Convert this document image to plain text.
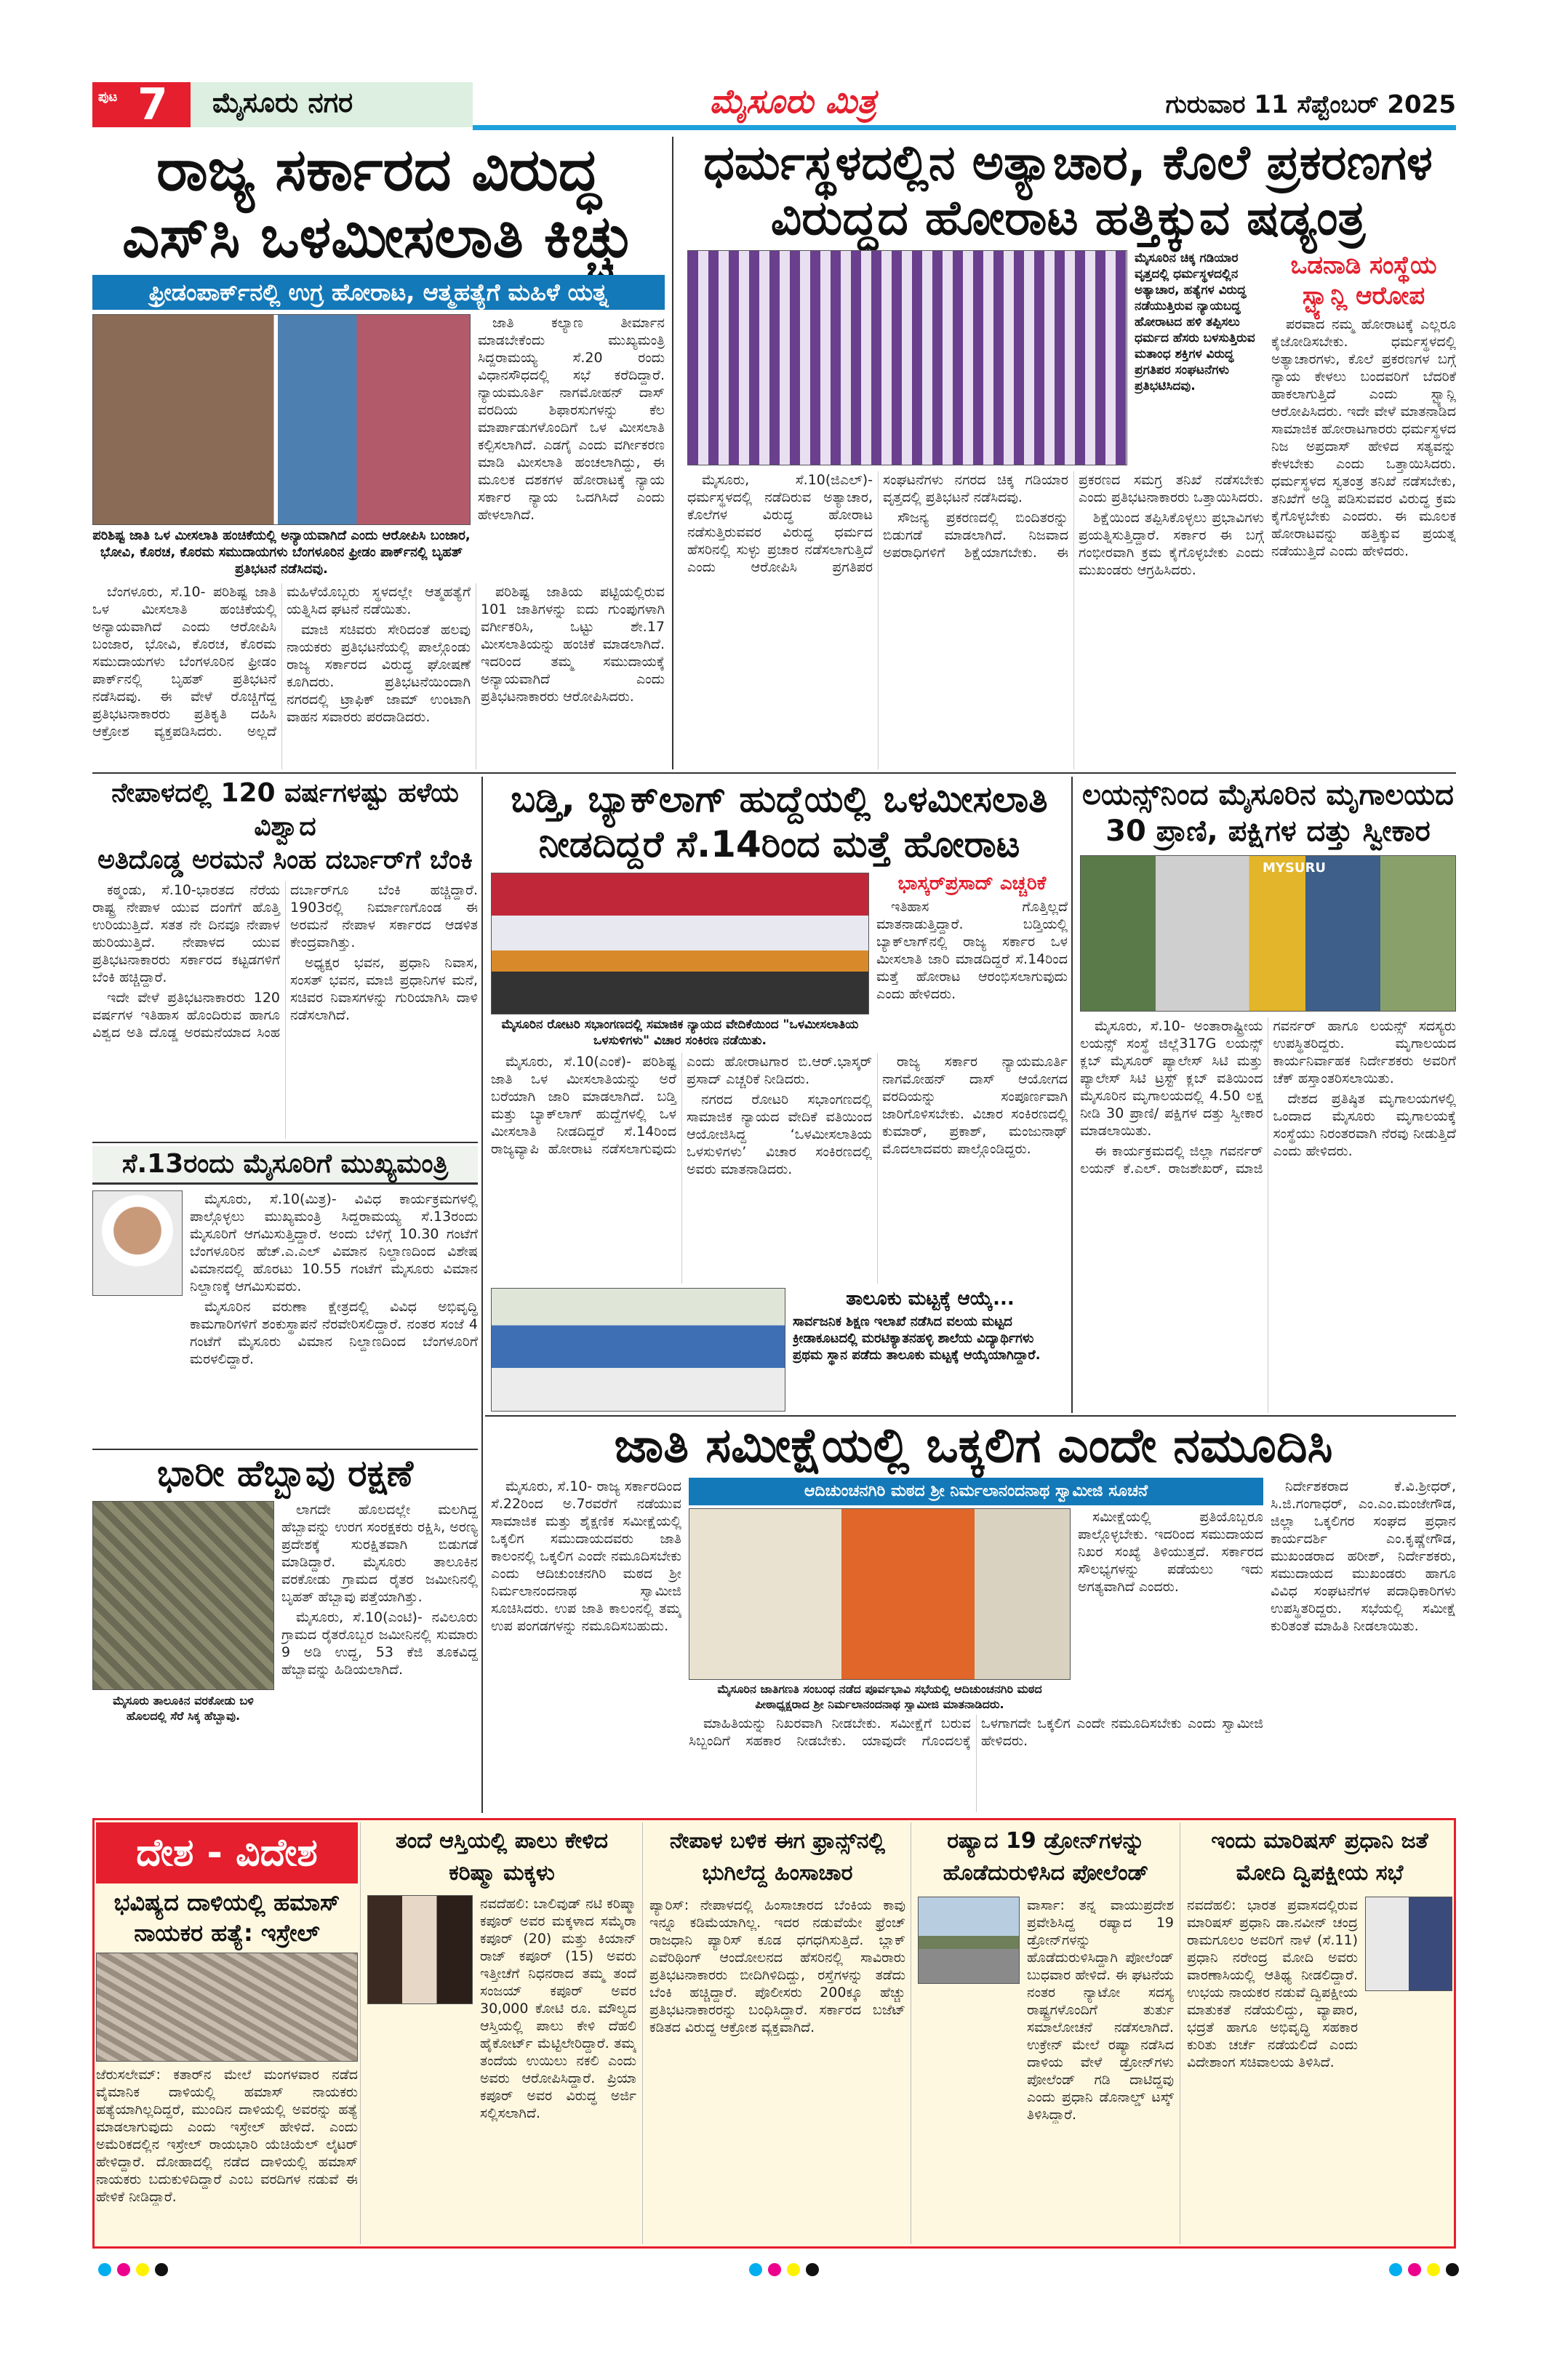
ಪುಟ 7	ಮೈಸೂರು ನಗರ	ಮೈಸೂರು ಮಿತ್ರ	ಗುರುವಾರ 11 ಸೆಪ್ಟೆಂಬರ್ 2025
ರಾಜ್ಯ ಸರ್ಕಾರದ ವಿರುದ್ಧ
ಎಸ್‌ಸಿ ಒಳಮೀಸಲಾತಿ ಕಿಚ್ಚು
ಫ್ರೀಡಂಪಾರ್ಕ್‌ನಲ್ಲಿ ಉಗ್ರ ಹೋರಾಟ, ಆತ್ಮಹತ್ಯೆಗೆ ಮಹಿಳೆ ಯತ್ನ
ಪರಿಶಿಷ್ಟ ಜಾತಿ ಒಳ ಮೀಸಲಾತಿ ಹಂಚಿಕೆಯಲ್ಲಿ ಅನ್ಯಾಯವಾಗಿದೆ ಎಂದು ಆರೋಪಿಸಿ ಬಂಜಾರ, ಭೋವಿ, ಕೊರಚ, ಕೊರಮ ಸಮುದಾಯಗಳು ಬೆಂಗಳೂರಿನ ಫ್ರೀಡಂ ಪಾರ್ಕ್‌ನಲ್ಲಿ ಬೃಹತ್ ಪ್ರತಿಭಟನೆ ನಡೆಸಿದವು.

ಜಾತಿ ಕಲ್ಯಾಣ ತೀರ್ಮಾನ ಮಾಡಬೇಕೆಂದು ಮುಖ್ಯಮಂತ್ರಿ ಸಿದ್ದರಾಮಯ್ಯ ಸೆ.20 ರಂದು ವಿಧಾನಸೌಧದಲ್ಲಿ ಸಭೆ ಕರೆದಿದ್ದಾರೆ. ನ್ಯಾಯಮೂರ್ತಿ ನಾಗಮೋಹನ್ ದಾಸ್ ವರದಿಯ ಶಿಫಾರಸುಗಳನ್ನು ಕೆಲ ಮಾರ್ಪಾಡುಗಳೊಂದಿಗೆ ಒಳ ಮೀಸಲಾತಿ ಕಲ್ಪಿಸಲಾಗಿದೆ. ಎಡಗೈ ಎಂದು ವರ್ಗೀಕರಣ ಮಾಡಿ ಮೀಸಲಾತಿ ಹಂಚಲಾಗಿದ್ದು, ಈ ಮೂಲಕ ದಶಕಗಳ ಹೋರಾಟಕ್ಕೆ ನ್ಯಾಯ ಸರ್ಕಾರ ನ್ಯಾಯ ಒದಗಿಸಿದೆ ಎಂದು ಹೇಳಲಾಗಿದೆ.

ಬೆಂಗಳೂರು, ಸೆ.10- ಪರಿಶಿಷ್ಟ ಜಾತಿ ಒಳ ಮೀಸಲಾತಿ ಹಂಚಿಕೆಯಲ್ಲಿ ಅನ್ಯಾಯವಾಗಿದೆ ಎಂದು ಆರೋಪಿಸಿ ಬಂಜಾರ, ಭೋವಿ, ಕೊರಚ, ಕೊರಮ ಸಮುದಾಯಗಳು ಬೆಂಗಳೂರಿನ ಫ್ರೀಡಂ ಪಾರ್ಕ್‌ನಲ್ಲಿ ಬೃಹತ್ ಪ್ರತಿಭಟನೆ ನಡೆಸಿದವು. ಈ ವೇಳೆ ರೊಚ್ಚಿಗೆದ್ದ ಪ್ರತಿಭಟನಾಕಾರರು ಪ್ರತಿಕೃತಿ ದಹಿಸಿ ಆಕ್ರೋಶ ವ್ಯಕ್ತಪಡಿಸಿದರು. ಅಲ್ಲದೆ ಮಹಿಳೆಯೊಬ್ಬರು ಸ್ಥಳದಲ್ಲೇ ಆತ್ಮಹತ್ಯೆಗೆ ಯತ್ನಿಸಿದ ಘಟನೆ ನಡೆಯಿತು.

ಮಾಜಿ ಸಚಿವರು ಸೇರಿದಂತೆ ಹಲವು ನಾಯಕರು ಪ್ರತಿಭಟನೆಯಲ್ಲಿ ಪಾಲ್ಗೊಂಡು ರಾಜ್ಯ ಸರ್ಕಾರದ ವಿರುದ್ಧ ಘೋಷಣೆ ಕೂಗಿದರು. ಪ್ರತಿಭಟನೆಯಿಂದಾಗಿ ನಗರದಲ್ಲಿ ಟ್ರಾಫಿಕ್ ಜಾಮ್ ಉಂಟಾಗಿ ವಾಹನ ಸವಾರರು ಪರದಾಡಿದರು.

ಪರಿಶಿಷ್ಟ ಜಾತಿಯ ಪಟ್ಟಿಯಲ್ಲಿರುವ 101 ಜಾತಿಗಳನ್ನು ಐದು ಗುಂಪುಗಳಾಗಿ ವರ್ಗೀಕರಿಸಿ, ಒಟ್ಟು ಶೇ.17 ಮೀಸಲಾತಿಯನ್ನು ಹಂಚಿಕೆ ಮಾಡಲಾಗಿದೆ. ಇದರಿಂದ ತಮ್ಮ ಸಮುದಾಯಕ್ಕೆ ಅನ್ಯಾಯವಾಗಿದೆ ಎಂದು ಪ್ರತಿಭಟನಾಕಾರರು ಆರೋಪಿಸಿದರು.

ಧರ್ಮಸ್ಥಳದಲ್ಲಿನ ಅತ್ಯಾಚಾರ, ಕೊಲೆ ಪ್ರಕರಣಗಳ
ವಿರುದ್ಧದ ಹೋರಾಟ ಹತ್ತಿಕ್ಕುವ ಷಡ್ಯಂತ್ರ
ಮೈಸೂರಿನ ಚಿಕ್ಕ ಗಡಿಯಾರ ವೃತ್ತದಲ್ಲಿ ಧರ್ಮಸ್ಥಳದಲ್ಲಿನ ಅತ್ಯಾಚಾರ, ಹತ್ಯೆಗಳ ವಿರುದ್ಧ ನಡೆಯುತ್ತಿರುವ ನ್ಯಾಯಬದ್ಧ ಹೋರಾಟದ ಹಳಿ ತಪ್ಪಿಸಲು ಧರ್ಮದ ಹೆಸರು ಬಳಸುತ್ತಿರುವ ಮತಾಂಧ ಶಕ್ತಿಗಳ ವಿರುದ್ಧ ಪ್ರಗತಿಪರ ಸಂಘಟನೆಗಳು ಪ್ರತಿಭಟಿಸಿದವು.

ಮೈಸೂರು, ಸೆ.10(ಜಿಎಲ್)- ಧರ್ಮಸ್ಥಳದಲ್ಲಿ ನಡೆದಿರುವ ಅತ್ಯಾಚಾರ, ಕೊಲೆಗಳ ವಿರುದ್ಧ ಹೋರಾಟ ನಡೆಸುತ್ತಿರುವವರ ವಿರುದ್ಧ ಧರ್ಮದ ಹೆಸರಿನಲ್ಲಿ ಸುಳ್ಳು ಪ್ರಚಾರ ನಡೆಸಲಾಗುತ್ತಿದೆ ಎಂದು ಆರೋಪಿಸಿ ಪ್ರಗತಿಪರ ಸಂಘಟನೆಗಳು ನಗರದ ಚಿಕ್ಕ ಗಡಿಯಾರ ವೃತ್ತದಲ್ಲಿ ಪ್ರತಿಭಟನೆ ನಡೆಸಿದವು.

ಸೌಜನ್ಯ ಪ್ರಕರಣದಲ್ಲಿ ಬಿಂದಿತರನ್ನು ಬಿಡುಗಡೆ ಮಾಡಲಾಗಿದೆ. ನಿಜವಾದ ಅಪರಾಧಿಗಳಿಗೆ ಶಿಕ್ಷೆಯಾಗಬೇಕು. ಈ ಪ್ರಕರಣದ ಸಮಗ್ರ ತನಿಖೆ ನಡೆಸಬೇಕು ಎಂದು ಪ್ರತಿಭಟನಾಕಾರರು ಒತ್ತಾಯಿಸಿದರು.

ಶಿಕ್ಷೆಯಿಂದ ತಪ್ಪಿಸಿಕೊಳ್ಳಲು ಪ್ರಭಾವಿಗಳು ಪ್ರಯತ್ನಿಸುತ್ತಿದ್ದಾರೆ. ಸರ್ಕಾರ ಈ ಬಗ್ಗೆ ಗಂಭೀರವಾಗಿ ಕ್ರಮ ಕೈಗೊಳ್ಳಬೇಕು ಎಂದು ಮುಖಂಡರು ಆಗ್ರಹಿಸಿದರು.

ಒಡನಾಡಿ ಸಂಸ್ಥೆಯ
ಸ್ಟ್ಯಾನ್ಲಿ ಆರೋಪ

ಪರವಾದ ನಮ್ಮ ಹೋರಾಟಕ್ಕೆ ಎಲ್ಲರೂ ಕೈಜೋಡಿಸಬೇಕು. ಧರ್ಮಸ್ಥಳದಲ್ಲಿ ಅತ್ಯಾಚಾರಗಳು, ಕೊಲೆ ಪ್ರಕರಣಗಳ ಬಗ್ಗೆ ನ್ಯಾಯ ಕೇಳಲು ಬಂದವರಿಗೆ ಬೆದರಿಕೆ ಹಾಕಲಾಗುತ್ತಿದೆ ಎಂದು ಸ್ಟ್ಯಾನ್ಲಿ ಆರೋಪಿಸಿದರು. ಇದೇ ವೇಳೆ ಮಾತನಾಡಿದ ಸಾಮಾಜಿಕ ಹೋರಾಟಗಾರರು ಧರ್ಮಸ್ಥಳದ ನಿಜ ಅಪ್ರದಾಸ್ ಹೇಳಿದ ಸತ್ಯವನ್ನು ಕೇಳಬೇಕು ಎಂದು ಒತ್ತಾಯಿಸಿದರು. ಧರ್ಮಸ್ಥಳದ ಸ್ವತಂತ್ರ ತನಿಖೆ ನಡೆಸಬೇಕು, ತನಿಖೆಗೆ ಅಡ್ಡಿ ಪಡಿಸುವವರ ವಿರುದ್ಧ ಕ್ರಮ ಕೈಗೊಳ್ಳಬೇಕು ಎಂದರು. ಈ ಮೂಲಕ ಹೋರಾಟವನ್ನು ಹತ್ತಿಕ್ಕುವ ಪ್ರಯತ್ನ ನಡೆಯುತ್ತಿದೆ ಎಂದು ಹೇಳಿದರು.

ನೇಪಾಳದಲ್ಲಿ 120 ವರ್ಷಗಳಷ್ಟು ಹಳೆಯ ವಿಶ್ವಾದ
ಅತಿದೊಡ್ಡ ಅರಮನೆ ಸಿಂಹ ದರ್ಬಾರ್‌ಗೆ ಬೆಂಕಿ

ಕಠ್ಮಂಡು, ಸೆ.10-ಭಾರತದ ನೆರೆಯ ರಾಷ್ಟ್ರ ನೇಪಾಳ ಯುವ ದಂಗೆಗೆ ಹೊತ್ತಿ ಉರಿಯುತ್ತಿದೆ. ಸತತ ನೇ ದಿನವೂ ನೇಪಾಳ ಹುರಿಯುತ್ತಿದೆ. ನೇಪಾಳದ ಯುವ ಪ್ರತಿಭಟನಾಕಾರರು ಸರ್ಕಾರದ ಕಟ್ಟಡಗಳಿಗೆ ಬೆಂಕಿ ಹಚ್ಚಿದ್ದಾರೆ.

ಇದೇ ವೇಳೆ ಪ್ರತಿಭಟನಾಕಾರರು 120 ವರ್ಷಗಳ ಇತಿಹಾಸ ಹೊಂದಿರುವ ಹಾಗೂ ವಿಶ್ವದ ಅತಿ ದೊಡ್ಡ ಅರಮನೆಯಾದ ಸಿಂಹ ದರ್ಬಾರ್‌ಗೂ ಬೆಂಕಿ ಹಚ್ಚಿದ್ದಾರೆ. 1903ರಲ್ಲಿ ನಿರ್ಮಾಣಗೊಂಡ ಈ ಅರಮನೆ ನೇಪಾಳ ಸರ್ಕಾರದ ಆಡಳಿತ ಕೇಂದ್ರವಾಗಿತ್ತು.

ಅಧ್ಯಕ್ಷರ ಭವನ, ಪ್ರಧಾನಿ ನಿವಾಸ, ಸಂಸತ್ ಭವನ, ಮಾಜಿ ಪ್ರಧಾನಿಗಳ ಮನೆ, ಸಚಿವರ ನಿವಾಸಗಳನ್ನು ಗುರಿಯಾಗಿಸಿ ದಾಳಿ ನಡೆಸಲಾಗಿದೆ.

ಸೆ.13ರಂದು ಮೈಸೂರಿಗೆ ಮುಖ್ಯಮಂತ್ರಿ

ಮೈಸೂರು, ಸೆ.10(ಮಿತ್ರ)- ವಿವಿಧ ಕಾರ್ಯಕ್ರಮಗಳಲ್ಲಿ ಪಾಲ್ಗೊಳ್ಳಲು ಮುಖ್ಯಮಂತ್ರಿ ಸಿದ್ದರಾಮಯ್ಯ ಸೆ.13ರಂದು ಮೈಸೂರಿಗೆ ಆಗಮಿಸುತ್ತಿದ್ದಾರೆ. ಅಂದು ಬೆಳಿಗ್ಗೆ 10.30 ಗಂಟೆಗೆ ಬೆಂಗಳೂರಿನ ಹೆಚ್.ಎ.ಎಲ್ ವಿಮಾನ ನಿಲ್ದಾಣದಿಂದ ವಿಶೇಷ ವಿಮಾನದಲ್ಲಿ ಹೊರಟು 10.55 ಗಂಟೆಗೆ ಮೈಸೂರು ವಿಮಾನ ನಿಲ್ದಾಣಕ್ಕೆ ಆಗಮಿಸುವರು.

ಮೈಸೂರಿನ ವರುಣಾ ಕ್ಷೇತ್ರದಲ್ಲಿ ವಿವಿಧ ಅಭಿವೃದ್ಧಿ ಕಾಮಗಾರಿಗಳಿಗೆ ಶಂಕುಸ್ಥಾಪನೆ ನೆರವೇರಿಸಲಿದ್ದಾರೆ. ನಂತರ ಸಂಜೆ 4 ಗಂಟೆಗೆ ಮೈಸೂರು ವಿಮಾನ ನಿಲ್ದಾಣದಿಂದ ಬೆಂಗಳೂರಿಗೆ ಮರಳಲಿದ್ದಾರೆ.

ಭಾರೀ ಹೆಬ್ಬಾವು ರಕ್ಷಣೆ
ಮೈಸೂರು ತಾಲೂಕಿನ ವರಕೋಡು ಬಳಿ ಹೊಲದಲ್ಲಿ ಸೆರೆ ಸಿಕ್ಕ ಹೆಬ್ಬಾವು.

ಲಾಗದೇ ಹೊಲದಲ್ಲೇ ಮಲಗಿದ್ದ ಹೆಬ್ಬಾವನ್ನು ಉರಗ ಸಂರಕ್ಷಕರು ರಕ್ಷಿಸಿ, ಅರಣ್ಯ ಪ್ರದೇಶಕ್ಕೆ ಸುರಕ್ಷಿತವಾಗಿ ಬಿಡುಗಡೆ ಮಾಡಿದ್ದಾರೆ. ಮೈಸೂರು ತಾಲೂಕಿನ ವರಕೋಡು ಗ್ರಾಮದ ರೈತರ ಜಮೀನಿನಲ್ಲಿ ಬೃಹತ್ ಹೆಬ್ಬಾವು ಪತ್ತೆಯಾಗಿತ್ತು.

ಮೈಸೂರು, ಸೆ.10(ಎಂಟಿ)- ನವಿಲೂರು ಗ್ರಾಮದ ರೈತರೊಬ್ಬರ ಜಮೀನಿನಲ್ಲಿ ಸುಮಾರು 9 ಅಡಿ ಉದ್ದ, 53 ಕೆಜಿ ತೂಕವಿದ್ದ ಹೆಬ್ಬಾವನ್ನು ಹಿಡಿಯಲಾಗಿದೆ.

ಬಡ್ತಿ, ಬ್ಯಾಕ್‌ಲಾಗ್ ಹುದ್ದೆಯಲ್ಲಿ ಒಳಮೀಸಲಾತಿ
ನೀಡದಿದ್ದರೆ ಸೆ.14ರಿಂದ ಮತ್ತೆ ಹೋರಾಟ
ಮೈಸೂರಿನ ರೋಟರಿ ಸಭಾಂಗಣದಲ್ಲಿ ಸಮಾಜಿಕ ನ್ಯಾಯದ ವೇದಿಕೆಯಿಂದ "ಒಳಮೀಸಲಾತಿಯ ಒಳಸುಳಿಗಳು" ವಿಚಾರ ಸಂಕಿರಣ ನಡೆಯಿತು.
ಭಾಸ್ಕರ್‌ಪ್ರಸಾದ್ ಎಚ್ಚರಿಕೆ

ಇತಿಹಾಸ ಗೊತ್ತಿಲ್ಲದೆ ಮಾತನಾಡುತ್ತಿದ್ದಾರೆ. ಬಡ್ತಿಯಲ್ಲಿ ಬ್ಯಾಕ್‌ಲಾಗ್‌ನಲ್ಲಿ ರಾಜ್ಯ ಸರ್ಕಾರ ಒಳ ಮೀಸಲಾತಿ ಜಾರಿ ಮಾಡದಿದ್ದರೆ ಸೆ.14ರಿಂದ ಮತ್ತೆ ಹೋರಾಟ ಆರಂಭಿಸಲಾಗುವುದು ಎಂದು ಹೇಳಿದರು.

ಮೈಸೂರು, ಸೆ.10(ಎಂಕೆ)- ಪರಿಶಿಷ್ಟ ಜಾತಿ ಒಳ ಮೀಸಲಾತಿಯನ್ನು ಅರೆ ಬರೆಯಾಗಿ ಜಾರಿ ಮಾಡಲಾಗಿದೆ. ಬಡ್ತಿ ಮತ್ತು ಬ್ಯಾಕ್‌ಲಾಗ್ ಹುದ್ದೆಗಳಲ್ಲಿ ಒಳ ಮೀಸಲಾತಿ ನೀಡದಿದ್ದರೆ ಸೆ.14ರಿಂದ ರಾಜ್ಯವ್ಯಾಪಿ ಹೋರಾಟ ನಡೆಸಲಾಗುವುದು ಎಂದು ಹೋರಾಟಗಾರ ಬಿ.ಆರ್.ಭಾಸ್ಕರ್ ಪ್ರಸಾದ್ ಎಚ್ಚರಿಕೆ ನೀಡಿದರು.

ನಗರದ ರೋಟರಿ ಸಭಾಂಗಣದಲ್ಲಿ ಸಾಮಾಜಿಕ ನ್ಯಾಯದ ವೇದಿಕೆ ವತಿಯಿಂದ ಆಯೋಜಿಸಿದ್ದ ‘ಒಳಮೀಸಲಾತಿಯ ಒಳಸುಳಿಗಳು’ ವಿಚಾರ ಸಂಕಿರಣದಲ್ಲಿ ಅವರು ಮಾತನಾಡಿದರು.

ರಾಜ್ಯ ಸರ್ಕಾರ ನ್ಯಾಯಮೂರ್ತಿ ನಾಗಮೋಹನ್ ದಾಸ್ ಆಯೋಗದ ವರದಿಯನ್ನು ಸಂಪೂರ್ಣವಾಗಿ ಜಾರಿಗೊಳಿಸಬೇಕು. ವಿಚಾರ ಸಂಕಿರಣದಲ್ಲಿ ಕುಮಾರ್, ಪ್ರಕಾಶ್, ಮಂಜುನಾಥ್ ಮೊದಲಾದವರು ಪಾಲ್ಗೊಂಡಿದ್ದರು.

ತಾಲೂಕು ಮಟ್ಟಕ್ಕೆ ಆಯ್ಕೆ...
ಸಾರ್ವಜನಿಕ ಶಿಕ್ಷಣ ಇಲಾಖೆ ನಡೆಸಿದ ವಲಯ ಮಟ್ಟದ ಕ್ರೀಡಾಕೂಟದಲ್ಲಿ ಮರಟಿಕ್ಯಾತನಹಳ್ಳಿ ಶಾಲೆಯ ವಿದ್ಯಾರ್ಥಿಗಳು ಪ್ರಥಮ ಸ್ಥಾನ ಪಡೆದು ತಾಲೂಕು ಮಟ್ಟಕ್ಕೆ ಆಯ್ಕೆಯಾಗಿದ್ದಾರೆ.
ಲಯನ್ಸ್‌ನಿಂದ ಮೈಸೂರಿನ ಮೃಗಾಲಯದ
30 ಪ್ರಾಣಿ, ಪಕ್ಷಿಗಳ ದತ್ತು ಸ್ವೀಕಾರ
MYSURU

ಮೈಸೂರು, ಸೆ.10- ಅಂತಾರಾಷ್ಟ್ರೀಯ ಲಯನ್ಸ್ ಸಂಸ್ಥೆ ಜಿಲ್ಲೆ317G ಲಯನ್ಸ್ ಕ್ಲಬ್ ಮೈಸೂರ್ ಪ್ಯಾಲೇಸ್ ಸಿಟಿ ಮತ್ತು ಪ್ಯಾಲೇಸ್ ಸಿಟಿ ಟ್ರಸ್ಟ್ ಕ್ಲಬ್ ವತಿಯಿಂದ ಮೈಸೂರಿನ ಮೃಗಾಲಯದಲ್ಲಿ 4.50 ಲಕ್ಷ ನೀಡಿ 30 ಪ್ರಾಣಿ/ ಪಕ್ಷಿಗಳ ದತ್ತು ಸ್ವೀಕಾರ ಮಾಡಲಾಯಿತು.

ಈ ಕಾರ್ಯಕ್ರಮದಲ್ಲಿ ಜಿಲ್ಲಾ ಗವರ್ನರ್ ಲಯನ್ ಕೆ.ಎಲ್. ರಾಜಶೇಖರ್, ಮಾಜಿ ಗವರ್ನರ್ ಹಾಗೂ ಲಯನ್ಸ್ ಸದಸ್ಯರು ಉಪಸ್ಥಿತರಿದ್ದರು. ಮೃಗಾಲಯದ ಕಾರ್ಯನಿರ್ವಾಹಕ ನಿರ್ದೇಶಕರು ಅವರಿಗೆ ಚೆಕ್ ಹಸ್ತಾಂತರಿಸಲಾಯಿತು.

ದೇಶದ ಪ್ರತಿಷ್ಠಿತ ಮೃಗಾಲಯಗಳಲ್ಲಿ ಒಂದಾದ ಮೈಸೂರು ಮೃಗಾಲಯಕ್ಕೆ ಸಂಸ್ಥೆಯು ನಿರಂತರವಾಗಿ ನೆರವು ನೀಡುತ್ತಿದೆ ಎಂದು ಹೇಳಿದರು.

ಜಾತಿ ಸಮೀಕ್ಷೆಯಲ್ಲಿ ಒಕ್ಕಲಿಗ ಎಂದೇ ನಮೂದಿಸಿ

ಮೈಸೂರು, ಸೆ.10- ರಾಜ್ಯ ಸರ್ಕಾರದಿಂದ ಸೆ.22ರಿಂದ ಅ.7ರವರೆಗೆ ನಡೆಯುವ ಸಾಮಾಜಿಕ ಮತ್ತು ಶೈಕ್ಷಣಿಕ ಸಮೀಕ್ಷೆಯಲ್ಲಿ ಒಕ್ಕಲಿಗ ಸಮುದಾಯದವರು ಜಾತಿ ಕಾಲಂನಲ್ಲಿ ಒಕ್ಕಲಿಗ ಎಂದೇ ನಮೂದಿಸಬೇಕು ಎಂದು ಆದಿಚುಂಚನಗಿರಿ ಮಠದ ಶ್ರೀ ನಿರ್ಮಲಾನಂದನಾಥ ಸ್ವಾಮೀಜಿ ಸೂಚಿಸಿದರು. ಉಪ ಜಾತಿ ಕಾಲಂನಲ್ಲಿ ತಮ್ಮ ಉಪ ಪಂಗಡಗಳನ್ನು ನಮೂದಿಸಬಹುದು.

ಆದಿಚುಂಚನಗಿರಿ ಮಠದ ಶ್ರೀ ನಿರ್ಮಲಾನಂದನಾಥ ಸ್ವಾಮೀಜಿ ಸೂಚನೆ
ಮೈಸೂರಿನ ಜಾತಿಗಣತಿ ಸಂಬಂಧ ನಡೆದ ಪೂರ್ವಭಾವಿ ಸಭೆಯಲ್ಲಿ ಆದಿಚುಂಚನಗಿರಿ ಮಠದ ಪೀಠಾಧ್ಯಕ್ಷರಾದ ಶ್ರೀ ನಿರ್ಮಲಾನಂದನಾಥ ಸ್ವಾಮೀಜಿ ಮಾತನಾಡಿದರು.

ಸಮೀಕ್ಷೆಯಲ್ಲಿ ಪ್ರತಿಯೊಬ್ಬರೂ ಪಾಲ್ಗೊಳ್ಳಬೇಕು. ಇದರಿಂದ ಸಮುದಾಯದ ನಿಖರ ಸಂಖ್ಯೆ ತಿಳಿಯುತ್ತದೆ. ಸರ್ಕಾರದ ಸೌಲಭ್ಯಗಳನ್ನು ಪಡೆಯಲು ಇದು ಅಗತ್ಯವಾಗಿದೆ ಎಂದರು.

ಮಾಹಿತಿಯನ್ನು ನಿಖರವಾಗಿ ನೀಡಬೇಕು. ಸಮೀಕ್ಷೆಗೆ ಬರುವ ಸಿಬ್ಬಂದಿಗೆ ಸಹಕಾರ ನೀಡಬೇಕು. ಯಾವುದೇ ಗೊಂದಲಕ್ಕೆ ಒಳಗಾಗದೇ ಒಕ್ಕಲಿಗ ಎಂದೇ ನಮೂದಿಸಬೇಕು ಎಂದು ಸ್ವಾಮೀಜಿ ಹೇಳಿದರು.

ನಿರ್ದೇಶಕರಾದ ಕೆ.ವಿ.ಶ್ರೀಧರ್, ಸಿ.ಜಿ.ಗಂಗಾಧರ್, ಎಂ.ಎಂ.ಮಂಜೇಗೌಡ, ಜಿಲ್ಲಾ ಒಕ್ಕಲಿಗರ ಸಂಘದ ಪ್ರಧಾನ ಕಾರ್ಯದರ್ಶಿ ಎಂ.ಕೃಷ್ಣೇಗೌಡ, ಮುಖಂಡರಾದ ಹರೀಶ್, ನಿರ್ದೇಶಕರು, ಸಮುದಾಯದ ಮುಖಂಡರು ಹಾಗೂ ವಿವಿಧ ಸಂಘಟನೆಗಳ ಪದಾಧಿಕಾರಿಗಳು ಉಪಸ್ಥಿತರಿದ್ದರು. ಸಭೆಯಲ್ಲಿ ಸಮೀಕ್ಷೆ ಕುರಿತಂತೆ ಮಾಹಿತಿ ನೀಡಲಾಯಿತು.

ದೇಶ - ವಿದೇಶ
ಭವಿಷ್ಯದ ದಾಳಿಯಲ್ಲಿ ಹಮಾಸ್ ನಾಯಕರ ಹತ್ಯೆ: ಇಸ್ರೇಲ್
ಜೆರುಸಲೇಮ್: ಕತಾರ್‌ನ ಮೇಲೆ ಮಂಗಳವಾರ ನಡೆದ ವೈಮಾನಿಕ ದಾಳಿಯಲ್ಲಿ ಹಮಾಸ್ ನಾಯಕರು ಹತ್ಯೆಯಾಗಿಲ್ಲದಿದ್ದರೆ, ಮುಂದಿನ ದಾಳಿಯಲ್ಲಿ ಅವರನ್ನು ಹತ್ಯೆ ಮಾಡಲಾಗುವುದು ಎಂದು ಇಸ್ರೇಲ್ ಹೇಳಿದೆ. ಎಂದು ಅಮೆರಿಕದಲ್ಲಿನ ಇಸ್ರೇಲ್ ರಾಯಭಾರಿ ಯೆಚಿಯೆಲ್ ಲೈಟರ್ ಹೇಳಿದ್ದಾರೆ. ದೋಹಾದಲ್ಲಿ ನಡೆದ ದಾಳಿಯಲ್ಲಿ ಹಮಾಸ್ ನಾಯಕರು ಬದುಕುಳಿದಿದ್ದಾರೆ ಎಂಬ ವರದಿಗಳ ನಡುವೆ ಈ ಹೇಳಿಕೆ ನೀಡಿದ್ದಾರೆ.
ತಂದೆ ಆಸ್ತಿಯಲ್ಲಿ ಪಾಲು ಕೇಳಿದ ಕರಿಷ್ಮಾ ಮಕ್ಕಳು
ನವದೆಹಲಿ: ಬಾಲಿವುಡ್ ನಟಿ ಕರಿಷ್ಮಾ ಕಪೂರ್ ಅವರ ಮಕ್ಕಳಾದ ಸಮೈರಾ ಕಪೂರ್ (20) ಮತ್ತು ಕಿಯಾನ್ ರಾಜ್ ಕಪೂರ್ (15) ಅವರು ಇತ್ತೀಚೆಗೆ ನಿಧನರಾದ ತಮ್ಮ ತಂದೆ ಸಂಜಯ್ ಕಪೂರ್ ಅವರ 30,000 ಕೋಟಿ ರೂ. ಮೌಲ್ಯದ ಆಸ್ತಿಯಲ್ಲಿ ಪಾಲು ಕೇಳಿ ದೆಹಲಿ ಹೈಕೋರ್ಟ್ ಮೆಟ್ಟಿಲೇರಿದ್ದಾರೆ. ತಮ್ಮ ತಂದೆಯ ಉಯಿಲು ನಕಲಿ ಎಂದು ಅವರು ಆರೋಪಿಸಿದ್ದಾರೆ. ಪ್ರಿಯಾ ಕಪೂರ್ ಅವರ ವಿರುದ್ಧ ಅರ್ಜಿ ಸಲ್ಲಿಸಲಾಗಿದೆ.
ನೇಪಾಳ ಬಳಿಕ ಈಗ ಫ್ರಾನ್ಸ್‌ನಲ್ಲಿ ಭುಗಿಲೆದ್ದ ಹಿಂಸಾಚಾರ
ಪ್ಯಾರಿಸ್: ನೇಪಾಳದಲ್ಲಿ ಹಿಂಸಾಚಾರದ ಬೆಂಕಿಯ ಕಾವು ಇನ್ನೂ ಕಡಿಮೆಯಾಗಿಲ್ಲ. ಇದರ ನಡುವೆಯೇ ಫ್ರೆಂಚ್ ರಾಜಧಾನಿ ಪ್ಯಾರಿಸ್ ಕೂಡ ಧಗಧಗಿಸುತ್ತಿದೆ. ಬ್ಲಾಕ್ ಎವೆರಿಥಿಂಗ್ ಆಂದೋಲನದ ಹೆಸರಿನಲ್ಲಿ ಸಾವಿರಾರು ಪ್ರತಿಭಟನಾಕಾರರು ಬೀದಿಗಿಳಿದಿದ್ದು, ರಸ್ತೆಗಳನ್ನು ತಡೆದು ಬೆಂಕಿ ಹಚ್ಚಿದ್ದಾರೆ. ಪೊಲೀಸರು 200ಕ್ಕೂ ಹೆಚ್ಚು ಪ್ರತಿಭಟನಾಕಾರರನ್ನು ಬಂಧಿಸಿದ್ದಾರೆ. ಸರ್ಕಾರದ ಬಜೆಟ್ ಕಡಿತದ ವಿರುದ್ಧ ಆಕ್ರೋಶ ವ್ಯಕ್ತವಾಗಿದೆ.
ರಷ್ಯಾದ 19 ಡ್ರೋನ್‌ಗಳನ್ನು ಹೊಡೆದುರುಳಿಸಿದ ಪೋಲೆಂಡ್
ವಾರ್ಸಾ: ತನ್ನ ವಾಯುಪ್ರದೇಶ ಪ್ರವೇಶಿಸಿದ್ದ ರಷ್ಯಾದ 19 ಡ್ರೋನ್‌ಗಳನ್ನು ಹೊಡೆದುರುಳಿಸಿದ್ದಾಗಿ ಪೋಲೆಂಡ್ ಬುಧವಾರ ಹೇಳಿದೆ. ಈ ಘಟನೆಯ ನಂತರ ನ್ಯಾಟೋ ಸದಸ್ಯ ರಾಷ್ಟ್ರಗಳೊಂದಿಗೆ ತುರ್ತು ಸಮಾಲೋಚನೆ ನಡೆಸಲಾಗಿದೆ. ಉಕ್ರೇನ್ ಮೇಲೆ ರಷ್ಯಾ ನಡೆಸಿದ ದಾಳಿಯ ವೇಳೆ ಡ್ರೋನ್‌ಗಳು ಪೋಲೆಂಡ್ ಗಡಿ ದಾಟಿದ್ದವು ಎಂದು ಪ್ರಧಾನಿ ಡೊನಾಲ್ಡ್ ಟಸ್ಕ್ ತಿಳಿಸಿದ್ದಾರೆ.
ಇಂದು ಮಾರಿಷಸ್ ಪ್ರಧಾನಿ ಜತೆ ಮೋದಿ ದ್ವಿಪಕ್ಷೀಯ ಸಭೆ
ನವದೆಹಲಿ: ಭಾರತ ಪ್ರವಾಸದಲ್ಲಿರುವ ಮಾರಿಷಸ್ ಪ್ರಧಾನಿ ಡಾ.ನವೀನ್ ಚಂದ್ರ ರಾಮಗೂಲಂ ಅವರಿಗೆ ನಾಳೆ (ಸೆ.11) ಪ್ರಧಾನಿ ನರೇಂದ್ರ ಮೋದಿ ಅವರು ವಾರಣಾಸಿಯಲ್ಲಿ ಆತಿಥ್ಯ ನೀಡಲಿದ್ದಾರೆ. ಉಭಯ ನಾಯಕರ ನಡುವೆ ದ್ವಿಪಕ್ಷೀಯ ಮಾತುಕತೆ ನಡೆಯಲಿದ್ದು, ವ್ಯಾಪಾರ, ಭದ್ರತೆ ಹಾಗೂ ಅಭಿವೃದ್ಧಿ ಸಹಕಾರ ಕುರಿತು ಚರ್ಚೆ ನಡೆಯಲಿದೆ ಎಂದು ವಿದೇಶಾಂಗ ಸಚಿವಾಲಯ ತಿಳಿಸಿದೆ.
